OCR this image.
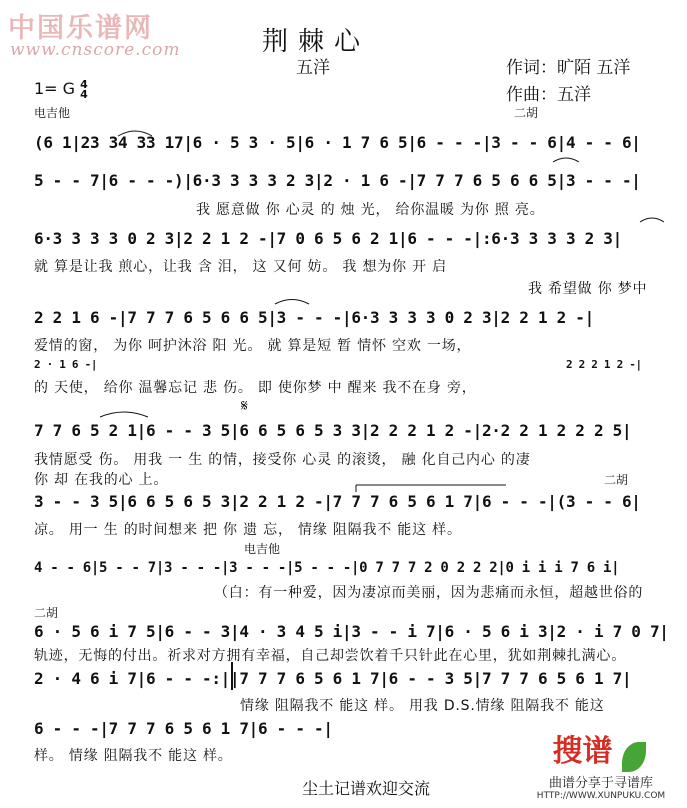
中国乐谱网
www.cnscore.com	荆棘心
五洋	作词：旷陌 五洋
作曲：五洋
1= G 4
4
电吉他	二胡
(6 1|23 34 33 17|6 · 5 3 · 5|6 · 1 7 6 5|6 - - -|3 - - 6|4 - - 6|
5 - - 7|6 - - -)|6·3 3 3 3 2 3|2 · 1 6 -|7 7 7 6 5 6 6 5|3 - - -|
我 愿意做 你 心灵 的 烛 光， 给你温暖 为你 照 亮。
6·3 3 3 3 0 2 3|2 2 1 2 -|7 0 6 5 6 2 1|6 - - -|:6·3 3 3 3 2 3|
就 算是让我 煎心，让我 含 泪， 这 又何 妨。 我 想为你 开 启
我 希望做 你 梦中
2 2 1 6 -|7 7 7 6 5 6 6 5|3 - - -|6·3 3 3 3 0 2 3|2 2 1 2 -|
爱情的窗， 为你 呵护沐浴 阳 光。 就 算是短 暂 情怀 空欢 一场，
2 · 1 6 -|	2 2 2 1 2 -|
的 天使， 给你 温馨忘记 悲 伤。 即 使你梦 中 醒来 我不在身 旁，
𝄋
7 7 6 5 2 1|6 - - 3 5|6 6 5 6 5 3 3|2 2 2 1 2 -|2·2 2 1 2 2 2 5|
我情愿受 伤。 用我 一 生 的情，接受你 心灵 的滚烫， 融 化自己内心 的凄
你 却 在我的心 上。	二胡
3 - - 3 5|6 6 5 6 5 3|2 2 1 2 -|7 7 7 6 5 6 1 7|6 - - -|(3 - - 6|
凉。 用一 生 的时间想来 把 你 遗 忘， 情缘 阻隔我不 能这 样。
电吉他
4 - - 6|5 - - 7|3 - - -|3 - - -|5 - - -|0 7 7 7 2 0 2 2 2|0 i i i 7 6 i|
（白：有一种爱，因为凄凉而美丽，因为悲痛而永恒，超越世俗的
二胡
6 · 5 6 i 7 5|6 - - 3|4 · 3 4 5 i|3 - - i 7|6 · 5 6 i 3|2 · i 7 0 7|
轨迹，无悔的付出。祈求对方拥有幸福，自己却尝饮着千只针此在心里，犹如荆棘扎满心。
2 · 4 6 i 7|6 - - -:||7 7 7 6 5 6 1 7|6 - - 3 5|7 7 7 6 5 6 1 7|
情缘 阻隔我不 能这 样。 用我 D.S.情缘 阻隔我不 能这
6 - - -|7 7 7 6 5 6 1 7|6 - - -|
样。 情缘 阻隔我不 能这 样。
尘土记谱欢迎交流
搜谱
曲谱分享于寻谱库
HTTP://WWW.XUNPUKU.COM
